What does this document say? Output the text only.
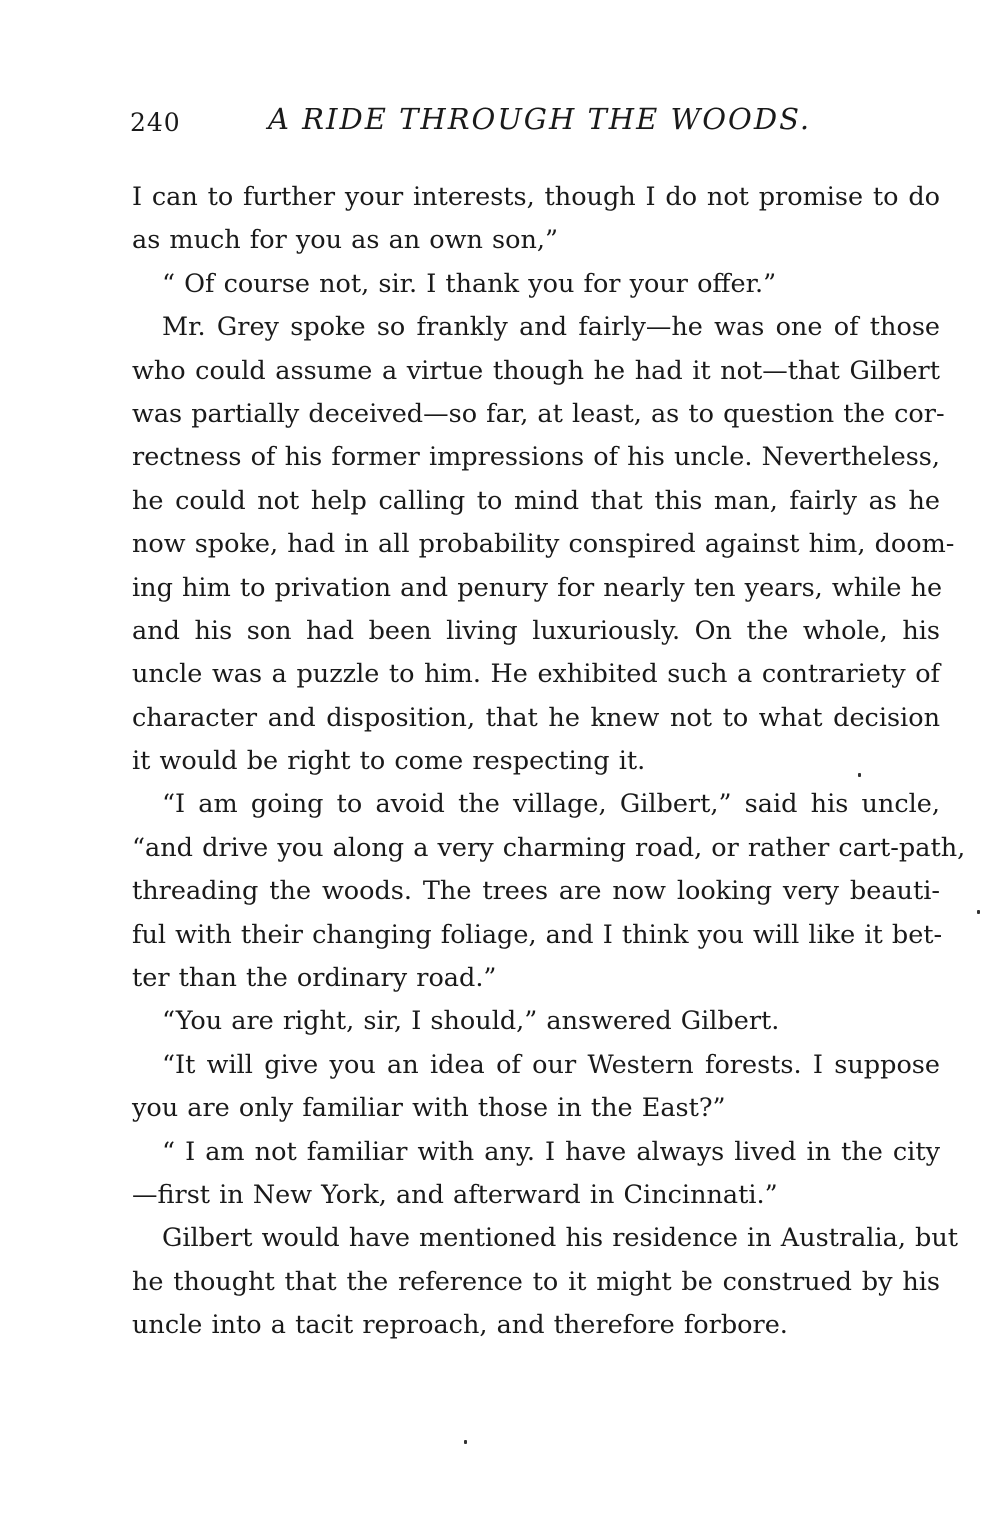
240	A RIDE THROUGH THE WOODS.
I can to further your interests, though I do not promise to do
as much for you as an own son,”
“ Of course not, sir. I thank you for your offer.”
Mr. Grey spoke so frankly and fairly—he was one of those
who could assume a virtue though he had it not—that Gilbert
was partially deceived—so far, at least, as to question the cor-
rectness of his former impressions of his uncle. Nevertheless,
he could not help calling to mind that this man, fairly as he
now spoke, had in all probability conspired against him, doom-
ing him to privation and penury for nearly ten years, while he
and his son had been living luxuriously. On the whole, his
uncle was a puzzle to him. He exhibited such a contrariety of
character and disposition, that he knew not to what decision
it would be right to come respecting it.
“I am going to avoid the village, Gilbert,” said his uncle,
“and drive you along a very charming road, or rather cart-path,
threading the woods. The trees are now looking very beauti-
ful with their changing foliage, and I think you will like it bet-
ter than the ordinary road.”
“You are right, sir, I should,” answered Gilbert.
“It will give you an idea of our Western forests. I suppose
you are only familiar with those in the East?”
“ I am not familiar with any. I have always lived in the city
—first in New York, and afterward in Cincinnati.”
Gilbert would have mentioned his residence in Australia, but
he thought that the reference to it might be construed by his
uncle into a tacit reproach, and therefore forbore.
